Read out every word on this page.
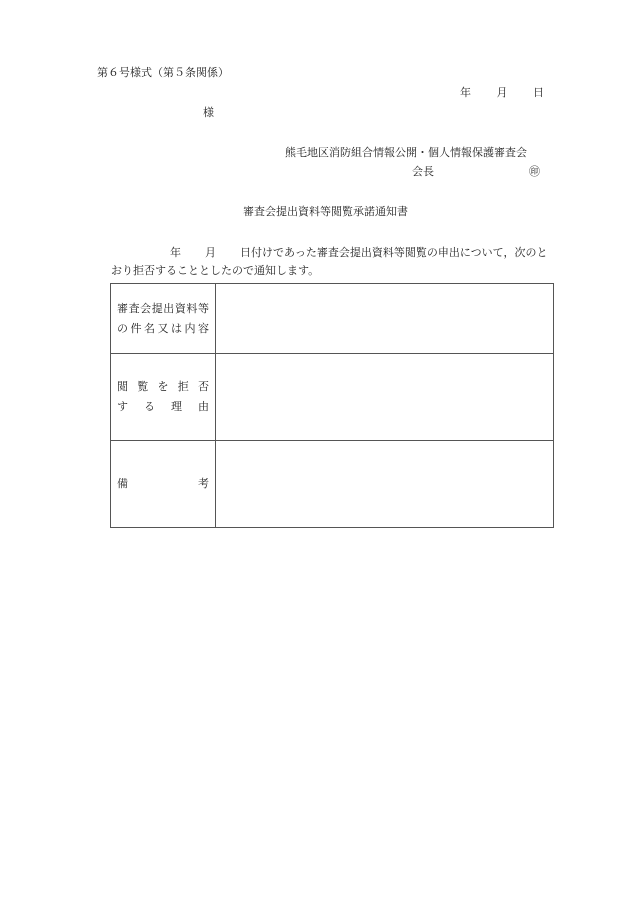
第６号様式（第５条関係）
年 月 日
様
熊毛地区消防組合情報公開・個人情報保護審査会
会長	㊞
審査会提出資料等閲覧承諾通知書
年 月 日付けであった審査会提出資料等閲覧の申出について，次のと
おり拒否することとしたので通知します。
審査会提出資料等
の件名又は内容	

閲覧を拒否
する理由	

備考	
